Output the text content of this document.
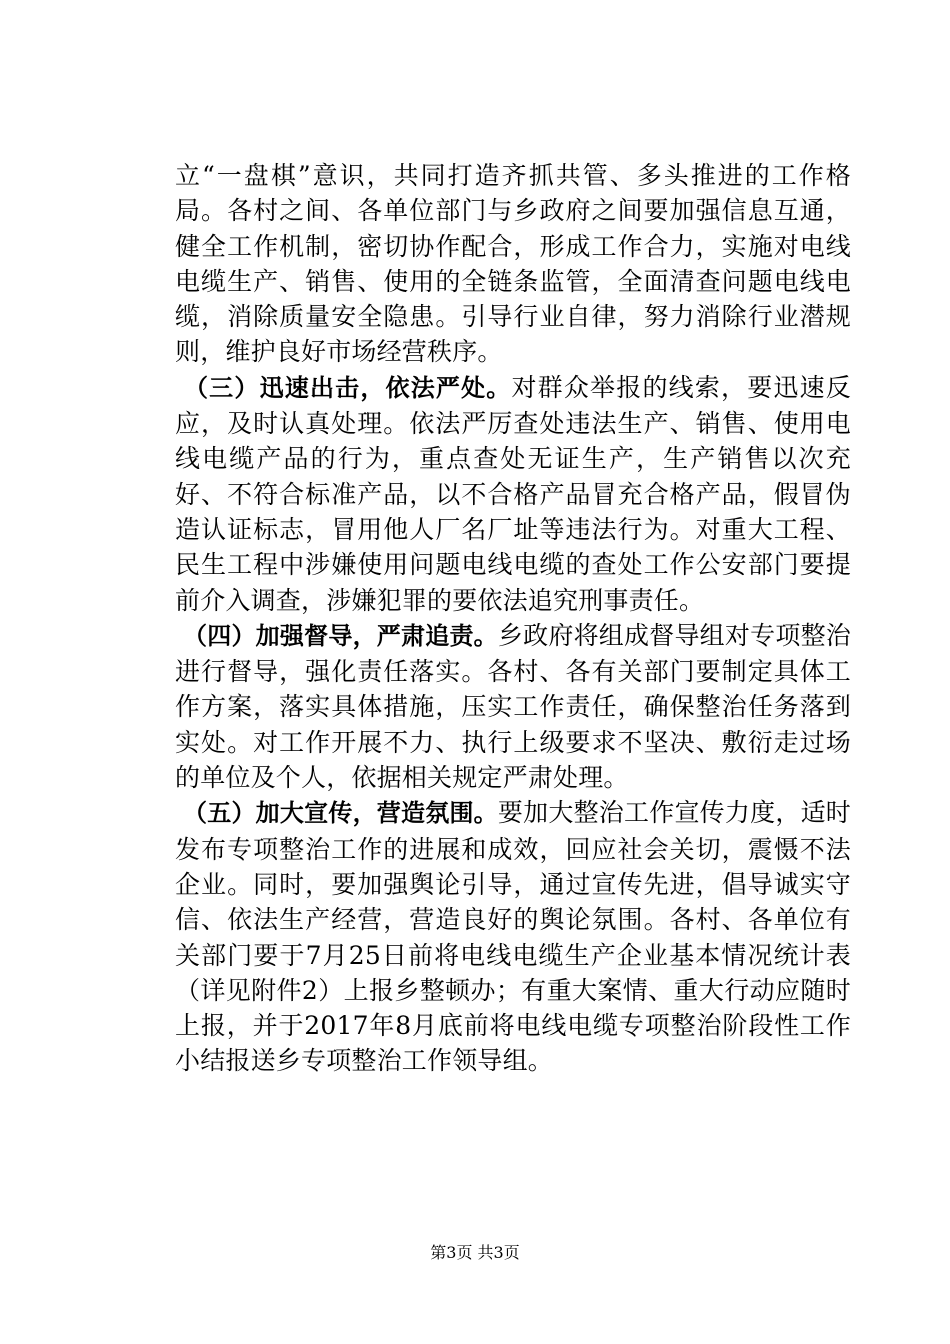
立“一盘棋”意识，共同打造齐抓共管、多头推进的工作格局。各村之间、各单位部门与乡政府之间要加强信息互通，健全工作机制，密切协作配合，形成工作合力，实施对电线电缆生产、销售、使用的全链条监管，全面清查问题电线电缆，消除质量安全隐患。引导行业自律，努力消除行业潜规则，维护良好市场经营秩序。

（三）迅速出击，依法严处。对群众举报的线索，要迅速反应，及时认真处理。依法严厉查处违法生产、销售、使用电线电缆产品的行为，重点查处无证生产，生产销售以次充好、不符合标准产品，以不合格产品冒充合格产品，假冒伪造认证标志，冒用他人厂名厂址等违法行为。对重大工程、民生工程中涉嫌使用问题电线电缆的查处工作公安部门要提前介入调查，涉嫌犯罪的要依法追究刑事责任。

（四）加强督导，严肃追责。乡政府将组成督导组对专项整治进行督导，强化责任落实。各村、各有关部门要制定具体工作方案，落实具体措施，压实工作责任，确保整治任务落到实处。对工作开展不力、执行上级要求不坚决、敷衍走过场的单位及个人，依据相关规定严肃处理。

（五）加大宣传，营造氛围。要加大整治工作宣传力度，适时发布专项整治工作的进展和成效，回应社会关切，震慑不法企业。同时，要加强舆论引导，通过宣传先进，倡导诚实守信、依法生产经营，营造良好的舆论氛围。各村、各单位有关部门要于7月25日前将电线电缆生产企业基本情况统计表（详见附件2）上报乡整顿办；有重大案情、重大行动应随时上报，并于2017年8月底前将电线电缆专项整治阶段性工作小结报送乡专项整治工作领导组。

第3页 共3页
